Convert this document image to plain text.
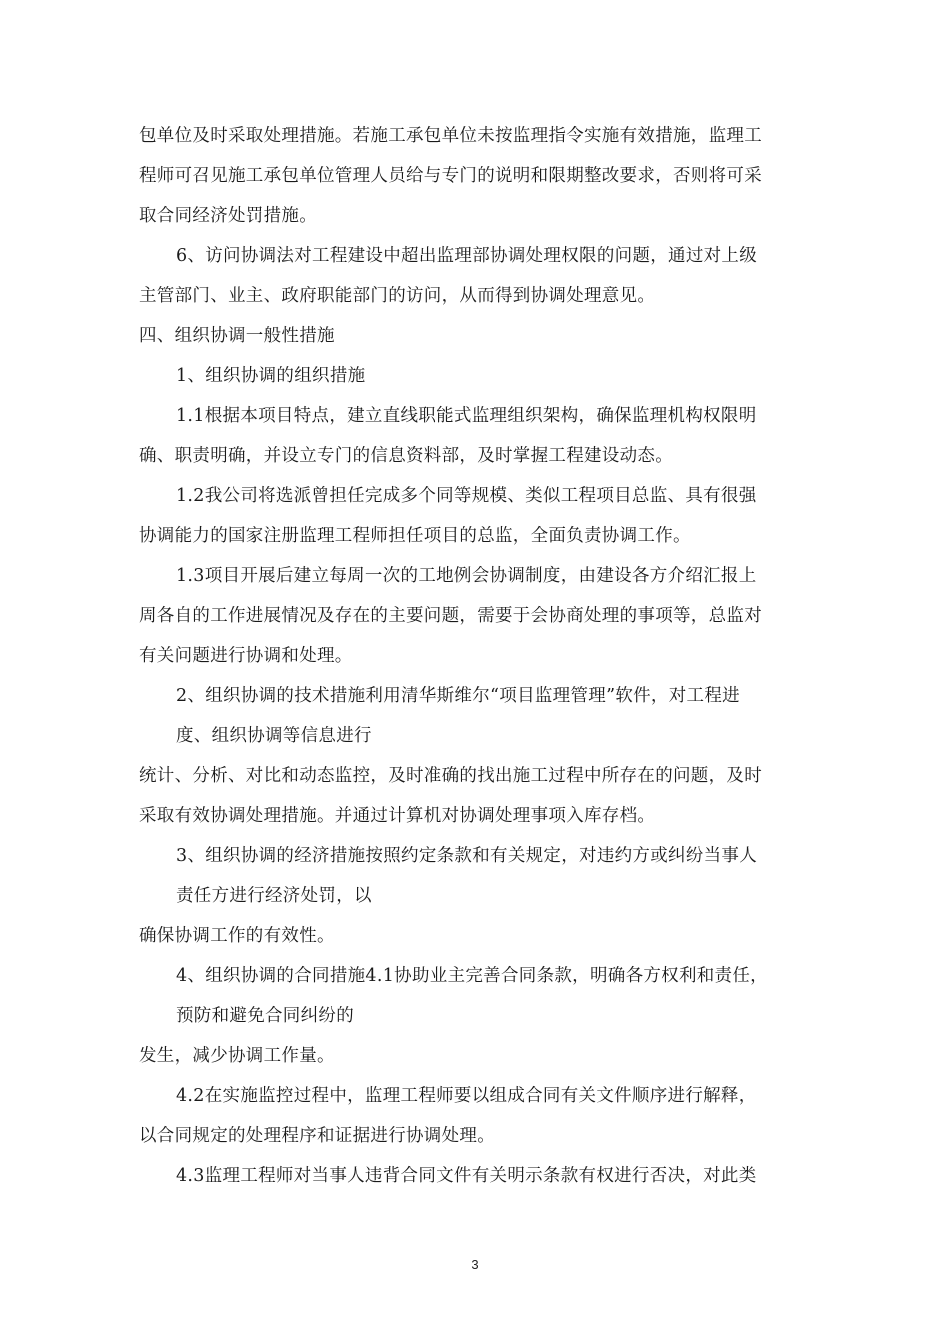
包单位及时采取处理措施。若施工承包单位未按监理指令实施有效措施，监理工
程师可召见施工承包单位管理人员给与专门的说明和限期整改要求，否则将可采
取合同经济处罚措施。
6、访问协调法对工程建设中超出监理部协调处理权限的问题，通过对上级
主管部门、业主、政府职能部门的访问，从而得到协调处理意见。
四、组织协调一般性措施
1、组织协调的组织措施
1.1根据本项目特点，建立直线职能式监理组织架构，确保监理机构权限明
确、职责明确，并设立专门的信息资料部，及时掌握工程建设动态。
1.2我公司将选派曾担任完成多个同等规模、类似工程项目总监、具有很强
协调能力的国家注册监理工程师担任项目的总监，全面负责协调工作。
1.3项目开展后建立每周一次的工地例会协调制度，由建设各方介绍汇报上
周各自的工作进展情况及存在的主要问题，需要于会协商处理的事项等，总监对
有关问题进行协调和处理。
2、组织协调的技术措施利用清华斯维尔“项目监理管理”软件，对工程进
度、组织协调等信息进行
统计、分析、对比和动态监控，及时准确的找出施工过程中所存在的问题，及时
采取有效协调处理措施。并通过计算机对协调处理事项入库存档。
3、组织协调的经济措施按照约定条款和有关规定，对违约方或纠纷当事人
责任方进行经济处罚，以
确保协调工作的有效性。
4、组织协调的合同措施4.1协助业主完善合同条款，明确各方权利和责任，
预防和避免合同纠纷的
发生，减少协调工作量。
4.2在实施监控过程中，监理工程师要以组成合同有关文件顺序进行解释，
以合同规定的处理程序和证据进行协调处理。
4.3监理工程师对当事人违背合同文件有关明示条款有权进行否决，对此类
3
